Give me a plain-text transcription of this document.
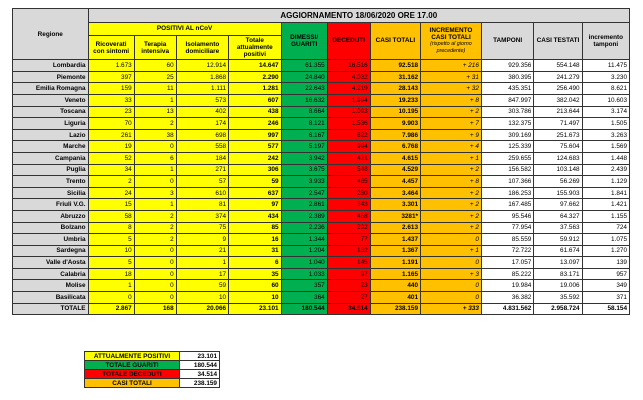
Regione	AGGIORNAMENTO 18/06/2020 ORE 17.00										
	POSITIVI AL nCoV				DIMESSI/ GUARITI	DECEDUTI	CASI TOTALI	INCREMENTO CASI TOTALI
(rispetto al giorno precedente)	TAMPONI	CASI TESTATI	incremento tamponi
	Ricoverati con sintomi	Terapia intensiva	Isolamento domiciliare	Totale attualmente positivi							
Lombardia	1.673	60	12.914	14.647	61.355	16.516	92.518	+ 216	929.356	554.148	11.475
Piemonte	397	25	1.868	2.290	24.840	4.032	31.162	+ 31	380.395	241.279	3.230
Emilia Romagna	159	11	1.111	1.281	22.643	4.219	28.143	+ 32	435.351	256.490	8.621
Veneto	33	1	573	607	16.632	1.994	19.233	+ 8	847.997	382.042	10.603
Toscana	23	13	402	438	8.664	1.093	10.195	+ 2	303.786	213.644	3.174
Liguria	70	2	174	246	8.121	1.536	9.903	+ 7	132.375	71.497	1.505
Lazio	261	38	698	997	6.167	822	7.986	+ 9	309.169	251.673	3.263
Marche	19	0	558	577	5.197	994	6.768	+ 4	125.339	75.604	1.569
Campania	52	6	184	242	3.942	431	4.615	+ 1	259.655	124.683	1.448
Puglia	34	1	271	306	3.675	548	4.529	+ 2	156.582	103.148	2.439
Trento	2	0	57	59	3.933	465	4.457	+ 8	107.366	56.269	1.129
Sicilia	24	3	610	637	2.547	280	3.464	+ 2	186.253	155.903	1.841
Friuli V.G.	15	1	81	97	2.861	343	3.301	+ 2	167.485	97.662	1.421
Abruzzo	58	2	374	434	2.389	458	3281*	+ 2	95.546	64.327	1.155
Bolzano	8	2	75	85	2.236	292	2.613	+ 2	77.954	37.563	724
Umbria	5	2	9	16	1.344	77	1.437	0	85.559	59.912	1.075
Sardegna	10	0	21	31	1.204	132	1.367	+ 1	72.722	61.674	1.270
Valle d'Aosta	5	0	1	6	1.040	145	1.191	0	17.057	13.097	139
Calabria	18	0	17	35	1.033	97	1.165	+ 3	85.222	83.171	957
Molise	1	0	59	60	357	23	440	0	19.984	19.006	349
Basilicata	0	0	10	10	364	27	401	0	36.382	35.592	371
TOTALE	2.867	168	20.066	23.101	180.544	34.514	238.159	+ 333	4.831.562	2.958.724	58.154
ATTUALMENTE POSITIVI	23.101
TOTALE GUARITI	180.544
TOTALE DECEDUTI	34.514
CASI TOTALI	238.159
